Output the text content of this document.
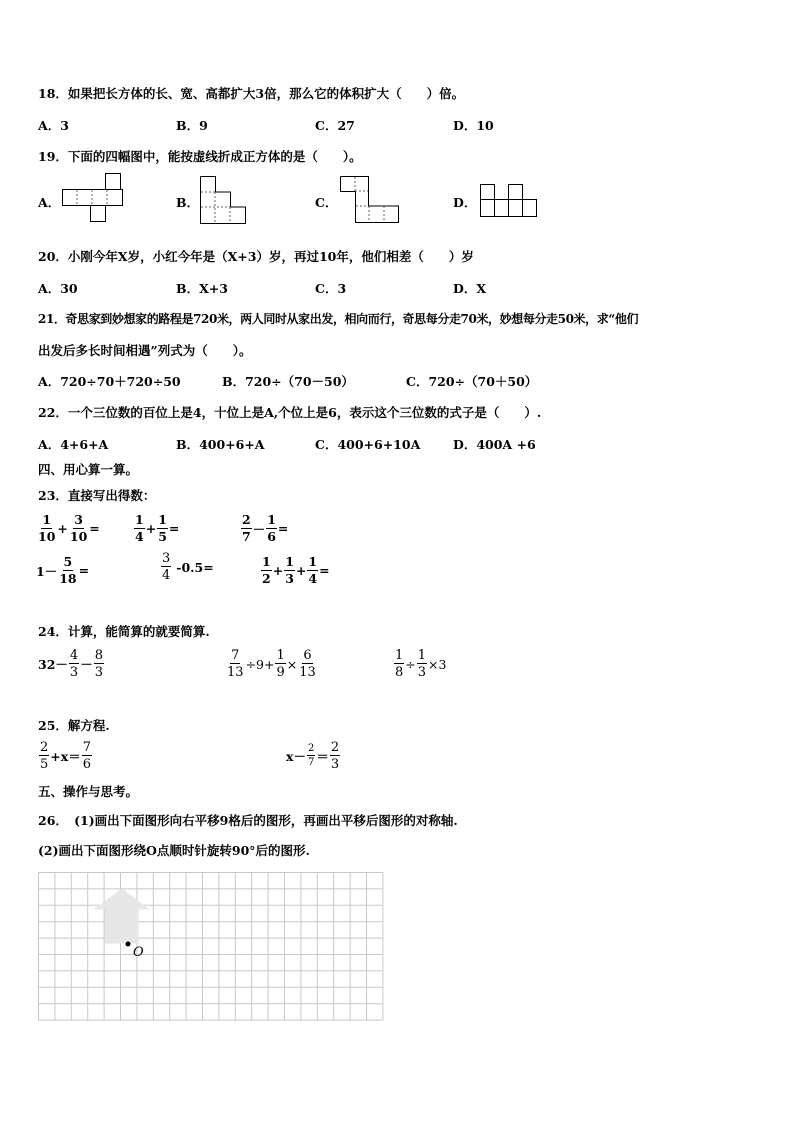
18．如果把长方体的长、宽、高都扩大3倍，那么它的体积扩大（　　）倍。
A．3	B．9	C．27	D．10
19．下面的四幅图中，能按虚线折成正方体的是（　　）。
A．	B．	C．	D．
20．小刚今年X岁，小红今年是（X+3）岁，再过10年，他们相差（　　）岁
A．30	B．X+3	C．3	D．X
21．奇思家到妙想家的路程是720米，两人同时从家出发，相向而行，奇思每分走70米，妙想每分走50米，求“他们
出发后多长时间相遇”列式为（　　）。
A．720÷70＋720÷50	B．720÷（70－50）	C．720÷（70＋50）
22．一个三位数的百位上是4，十位上是A,个位上是6，表示这个三位数的式子是（　　）.
A．4+6+A	B．400+6+A	C．400+6+10A	D．400A +6
四、用心算一算。
23．直接写出得数：
$\frac{1}{10} + \frac{3}{10}$ =	$\frac{1}{4} + \frac{1}{5}$ =	$\frac{2}{7} - \frac{1}{6}$ =
$1- \frac{5}{18}$ =	$\frac{3}{4} -0.5=$	$\frac{1}{2} + \frac{1}{3} + \frac{1}{4}$ =
24．计算，能简算的就要简算.
$32- \frac{4}{3} - \frac{8}{3}$	$\frac{7}{13} \div 9+ \frac{1}{9} \times \frac{6}{13}$	$\frac{1}{8} \div \frac{1}{3} \times 3$
25．解方程.
$\frac{2}{5} +x= \frac{7}{6}$	$x- \frac{2}{7} = \frac{2}{3}$
五、操作与思考。
26．　(1)画出下面图形向右平移9格后的图形，再画出平移后图形的对称轴.
(2)画出下面图形绕O点顺时针旋转90°后的图形.
O
